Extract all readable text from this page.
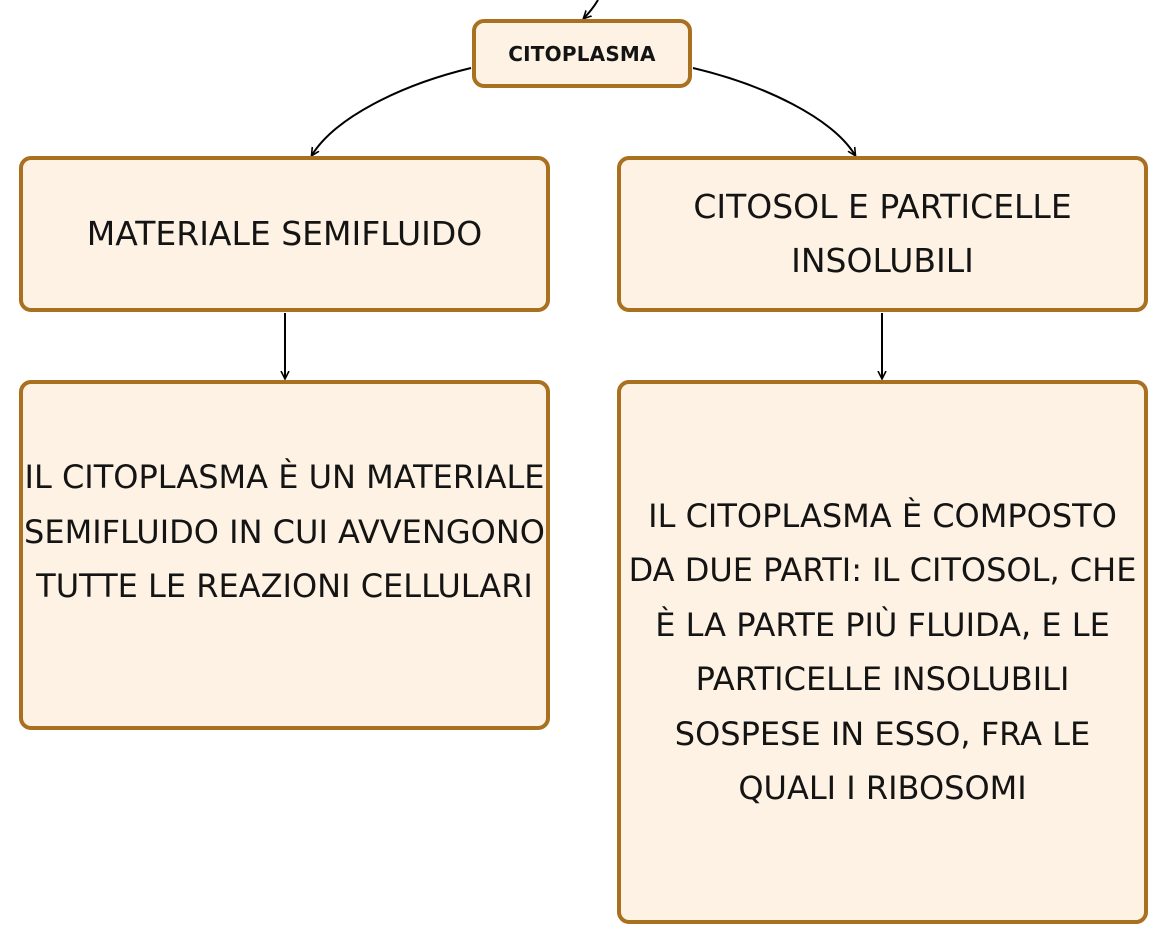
CITOPLASMA
MATERIALE SEMIFLUIDO
CITOSOL E PARTICELLE INSOLUBILI
IL CITOPLASMA È UN MATERIALE SEMIFLUIDO IN CUI AVVENGONO TUTTE LE REAZIONI CELLULARI
IL CITOPLASMA È COMPOSTO DA DUE PARTI: IL CITOSOL, CHE È LA PARTE PIÙ FLUIDA, E LE PARTICELLE INSOLUBILI SOSPESE IN ESSO, FRA LE QUALI I RIBOSOMI
